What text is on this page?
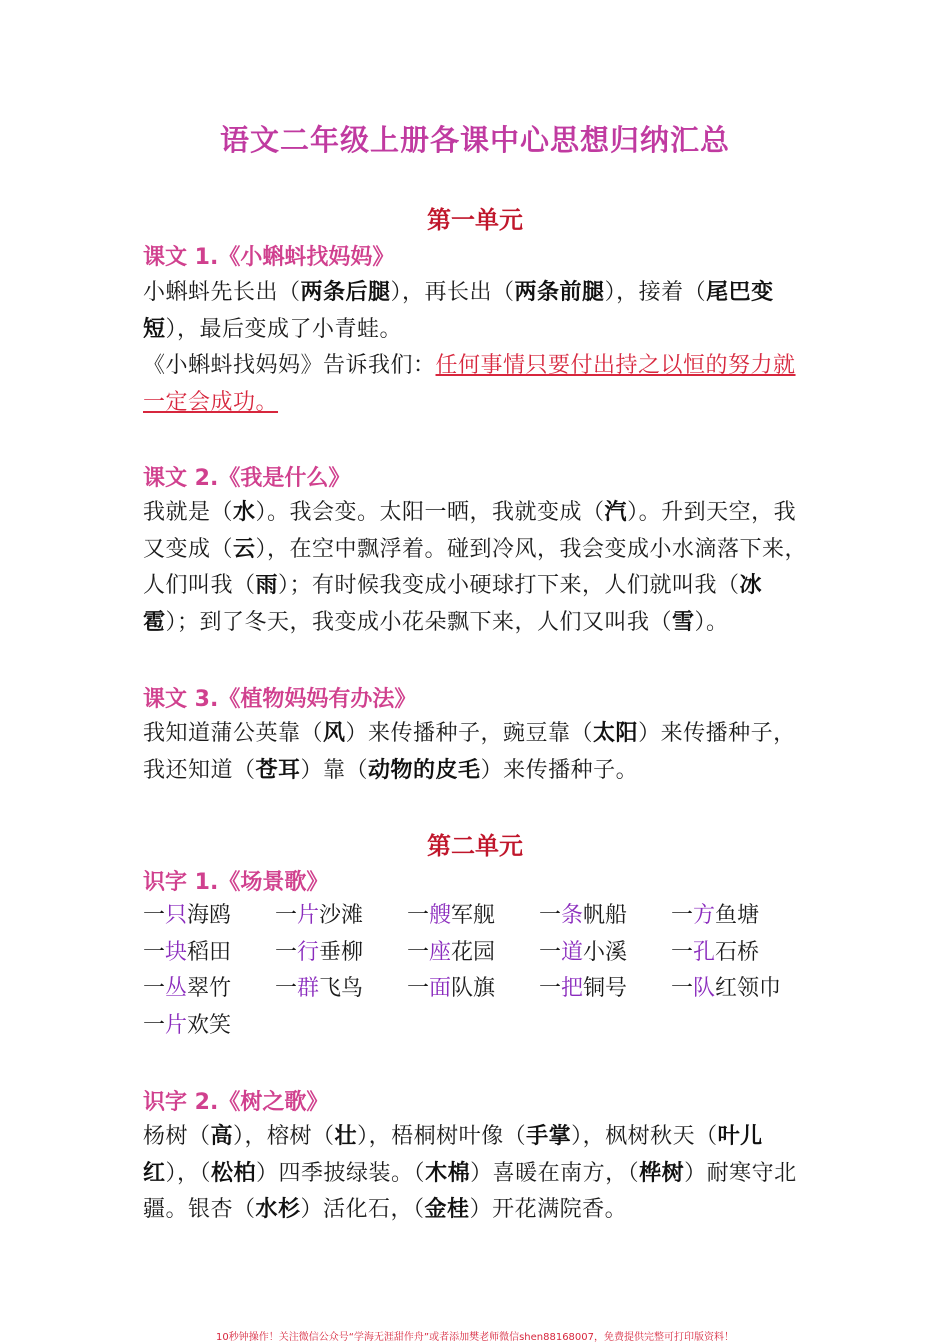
语文二年级上册各课中心思想归纳汇总
第一单元
课文 1.《小蝌蚪找妈妈》
小蝌蚪先长出（两条后腿），再长出（两条前腿），接着（尾巴变短），最后变成了小青蛙。
《小蝌蚪找妈妈》告诉我们：任何事情只要付出持之以恒的努力就一定会成功。
课文 2.《我是什么》
我就是（水）。我会变。太阳一晒，我就变成（汽）。升到天空，我又变成（云），在空中飘浮着。碰到冷风，我会变成小水滴落下来，人们叫我（雨）；有时候我变成小硬球打下来，人们就叫我（冰雹）；到了冬天，我变成小花朵飘下来，人们又叫我（雪）。
课文 3.《植物妈妈有办法》
我知道蒲公英靠（风）来传播种子，豌豆靠（太阳）来传播种子，我还知道（苍耳）靠（动物的皮毛）来传播种子。
第二单元
识字 1.《场景歌》
一只海鸥	一片沙滩	一艘军舰	一条帆船	一方鱼塘
一块稻田	一行垂柳	一座花园	一道小溪	一孔石桥
一丛翠竹	一群飞鸟	一面队旗	一把铜号	一队红领巾
一片欢笑
识字 2.《树之歌》
杨树（高），榕树（壮），梧桐树叶像（手掌），枫树秋天（叶儿红），（松柏）四季披绿装。（木棉）喜暖在南方，（桦树）耐寒守北疆。银杏（水杉）活化石，（金桂）开花满院香。
10秒钟操作！关注微信公众号“学海无涯甜作舟”或者添加樊老师微信shen88168007，免费提供完整可打印版资料！
